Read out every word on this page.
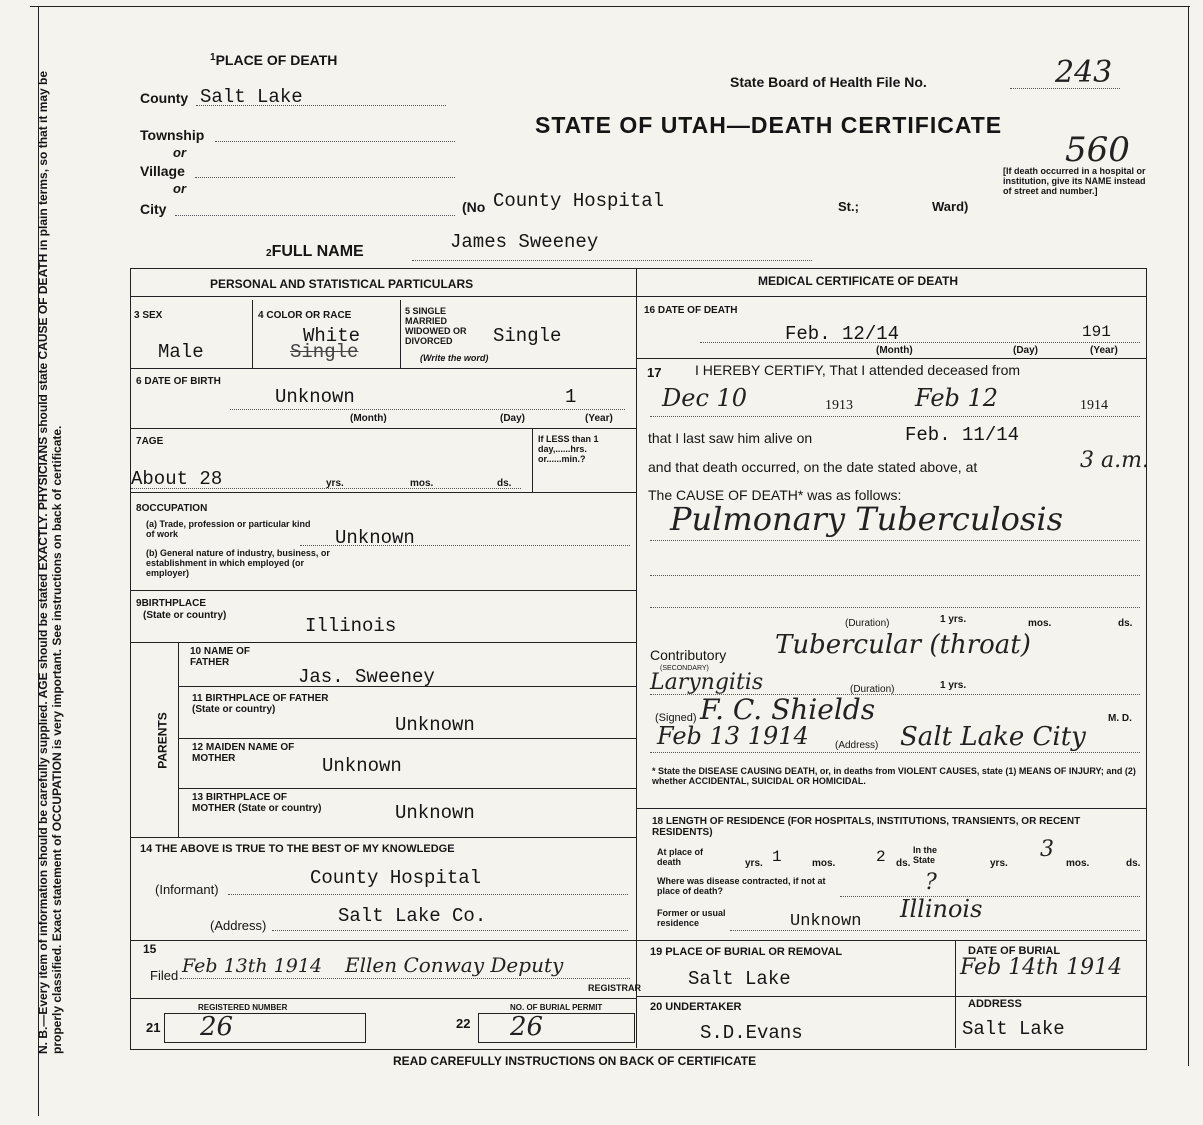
N. B.—Every item of information should be carefully supplied. AGE should be stated EXACTLY. PHYSICIANS should state CAUSE OF DEATH in plain terms, so that it may be properly classified. Exact statement of OCCUPATION is very important. See instructions on back of certificate.
$^1$PLACE OF DEATH
State Board of Health File No.	243
STATE OF UTAH—DEATH CERTIFICATE
560
County Salt Lake
Township
or
Village
or
City	(No County Hospital	St.;	Ward)
[If death occurred in a hospital or institution, give its NAME instead of street and number.]
2FULL NAME	James Sweeney
PERSONAL AND STATISTICAL PARTICULARS
3 SEX
Male
4 COLOR OR RACE
White
Single
5 SINGLE MARRIED WIDOWED OR DIVORCED
(Write the word)
Single
6 DATE OF BIRTH
Unknown	1
(Month)	(Day)	(Year)
7AGE
About 28	yrs.	mos.	ds.
If LESS than 1 day,......hrs. or......min.?
8OCCUPATION
(a) Trade, profession or particular kind of work
(b) General nature of industry, business, or establishment in which employed (or employer)
Unknown
9BIRTHPLACE
(State or country)	Illinois
PARENTS
10 NAME OF FATHER
Jas. Sweeney
11 BIRTHPLACE OF FATHER (State or country)
Unknown
12 MAIDEN NAME OF MOTHER	Unknown
13 BIRTHPLACE OF MOTHER (State or country)	Unknown
14 THE ABOVE IS TRUE TO THE BEST OF MY KNOWLEDGE
(Informant)
County Hospital
(Address)	Salt Lake Co.
15
Filed Feb 13th 1914 Ellen Conway Deputy
REGISTRAR
REGISTERED NUMBER
21 26
NO. OF BURIAL PERMIT
22 26
MEDICAL CERTIFICATE OF DEATH
16 DATE OF DEATH
Feb. 12/14	191
(Month)	(Day)	(Year)
17 I HEREBY CERTIFY, That I attended deceased from
Dec 10	1913	Feb 12	1914
that I last saw him alive on	Feb. 11/14
and that death occurred, on the date stated above, at	3 a.m.
The CAUSE OF DEATH* was as follows:
Pulmonary Tuberculosis
(Duration)	1 yrs.	mos.	ds.
Contributory Tubercular (throat)
(SECONDARY)
Laryngitis	(Duration)	1 yrs.
(Signed) F. C. Shields	M. D.
Feb 13 1914	(Address) Salt Lake City
* State the DISEASE CAUSING DEATH, or, in deaths from VIOLENT CAUSES, state (1) MEANS OF INJURY; and (2) whether ACCIDENTAL, SUICIDAL OR HOMICIDAL.
18 LENGTH OF RESIDENCE (FOR HOSPITALS, INSTITUTIONS, TRANSIENTS, OR RECENT RESIDENTS)
At place of death	1
yrs.	mos.	2 ds.
In the State	3
yrs.	mos.	ds.
Where was disease contracted, if not at place of death?	?
Former or usual residence	Unknown Illinois
19 PLACE OF BURIAL OR REMOVAL
Salt Lake
DATE OF BURIAL
Feb 14th 1914
20 UNDERTAKER
S.D.Evans
ADDRESS
Salt Lake
READ CAREFULLY INSTRUCTIONS ON BACK OF CERTIFICATE
